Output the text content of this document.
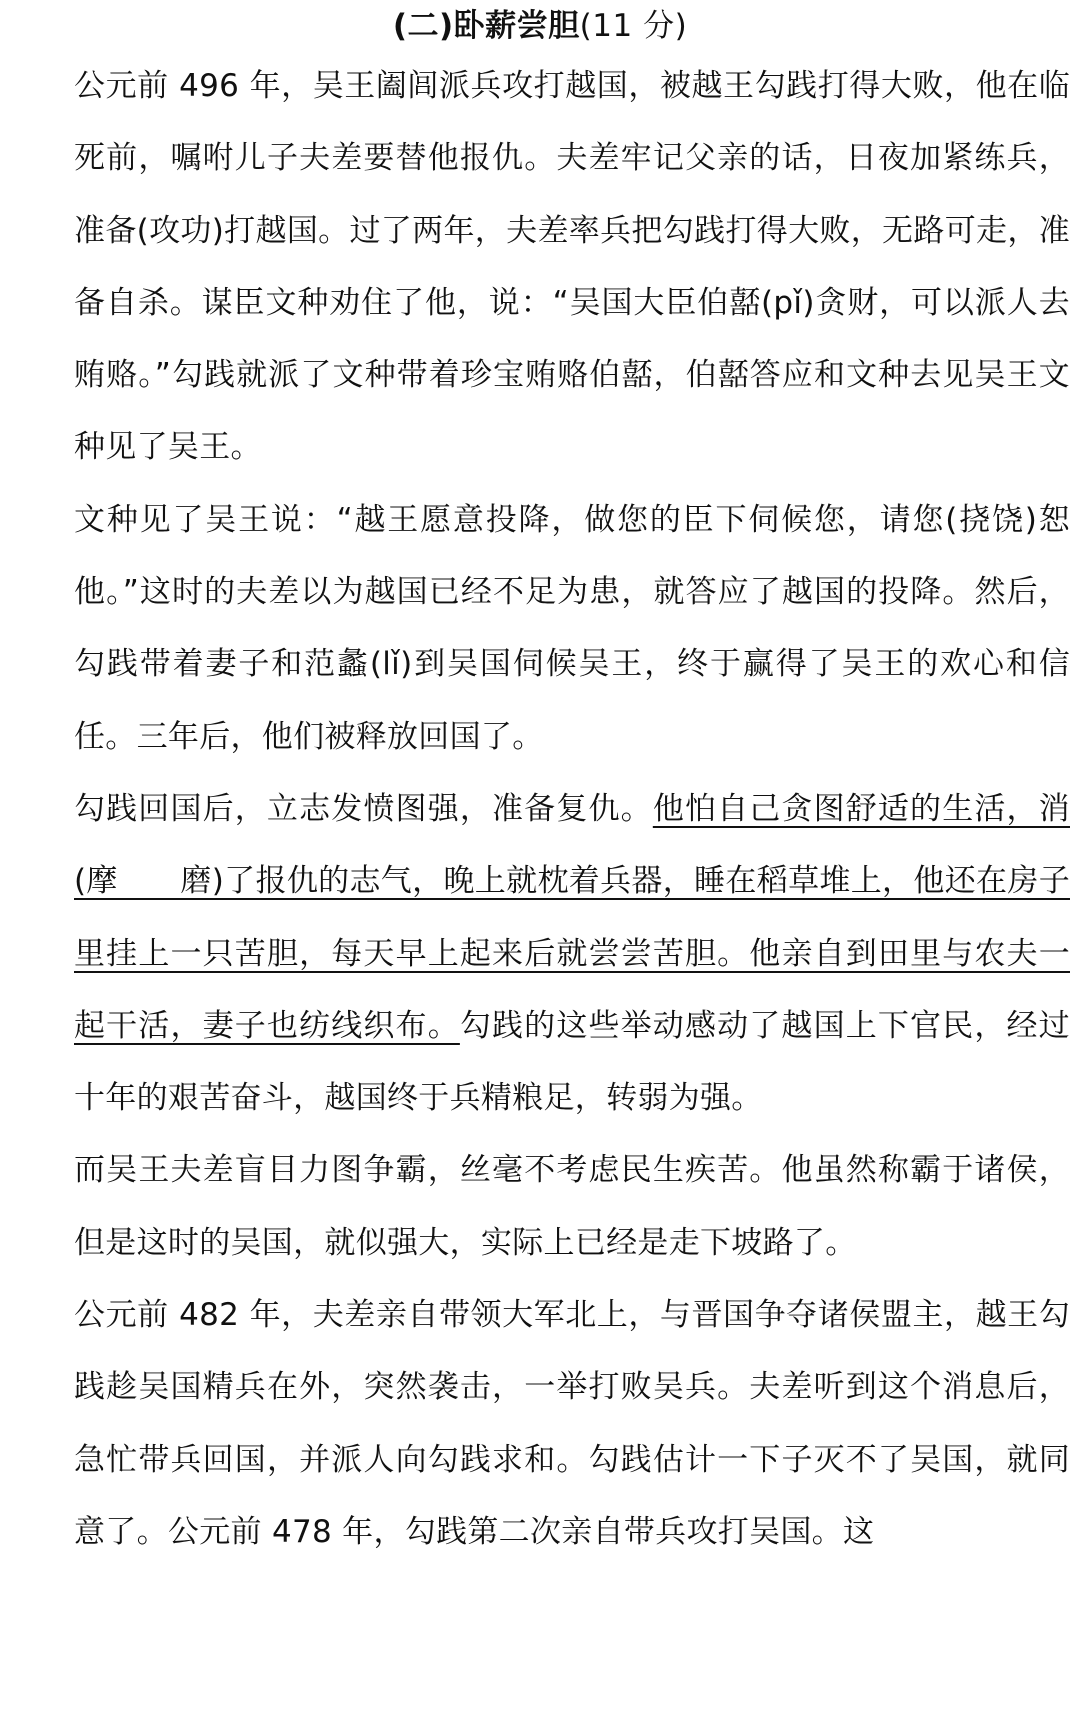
(二)卧薪尝胆(11 分)

公元前 496 年，吴王阖闾派兵攻打越国，被越王勾践打得大败，他在临死前，嘱咐儿子夫差要替他报仇。夫差牢记父亲的话，日夜加紧练兵，准备(攻功)打越国。过了两年，夫差率兵把勾践打得大败，无路可走，准备自杀。谋臣文种劝住了他，说：“吴国大臣伯嚭(pǐ)贪财，可以派人去贿赂。”勾践就派了文种带着珍宝贿赂伯嚭，伯嚭答应和文种去见吴王文种见了吴王。

文种见了吴王说：“越王愿意投降，做您的臣下伺候您，请您(挠饶)恕他。”这时的夫差以为越国已经不足为患，就答应了越国的投降。然后，勾践带着妻子和范蠡(lǐ)到吴国伺候吴王，终于赢得了吴王的欢心和信任。三年后，他们被释放回国了。

勾践回国后，立志发愤图强，准备复仇。他怕自己贪图舒适的生活，消(摩　　磨)了报仇的志气，晚上就枕着兵器，睡在稻草堆上，他还在房子里挂上一只苦胆，每天早上起来后就尝尝苦胆。他亲自到田里与农夫一起干活，妻子也纺线织布。勾践的这些举动感动了越国上下官民，经过十年的艰苦奋斗，越国终于兵精粮足，转弱为强。

而吴王夫差盲目力图争霸，丝毫不考虑民生疾苦。他虽然称霸于诸侯，但是这时的吴国，就似强大，实际上已经是走下坡路了。

公元前 482 年，夫差亲自带领大军北上，与晋国争夺诸侯盟主，越王勾践趁吴国精兵在外，突然袭击，一举打败吴兵。夫差听到这个消息后，急忙带兵回国，并派人向勾践求和。勾践估计一下子灭不了吴国，就同意了。公元前 478 年，勾践第二次亲自带兵攻打吴国。这
